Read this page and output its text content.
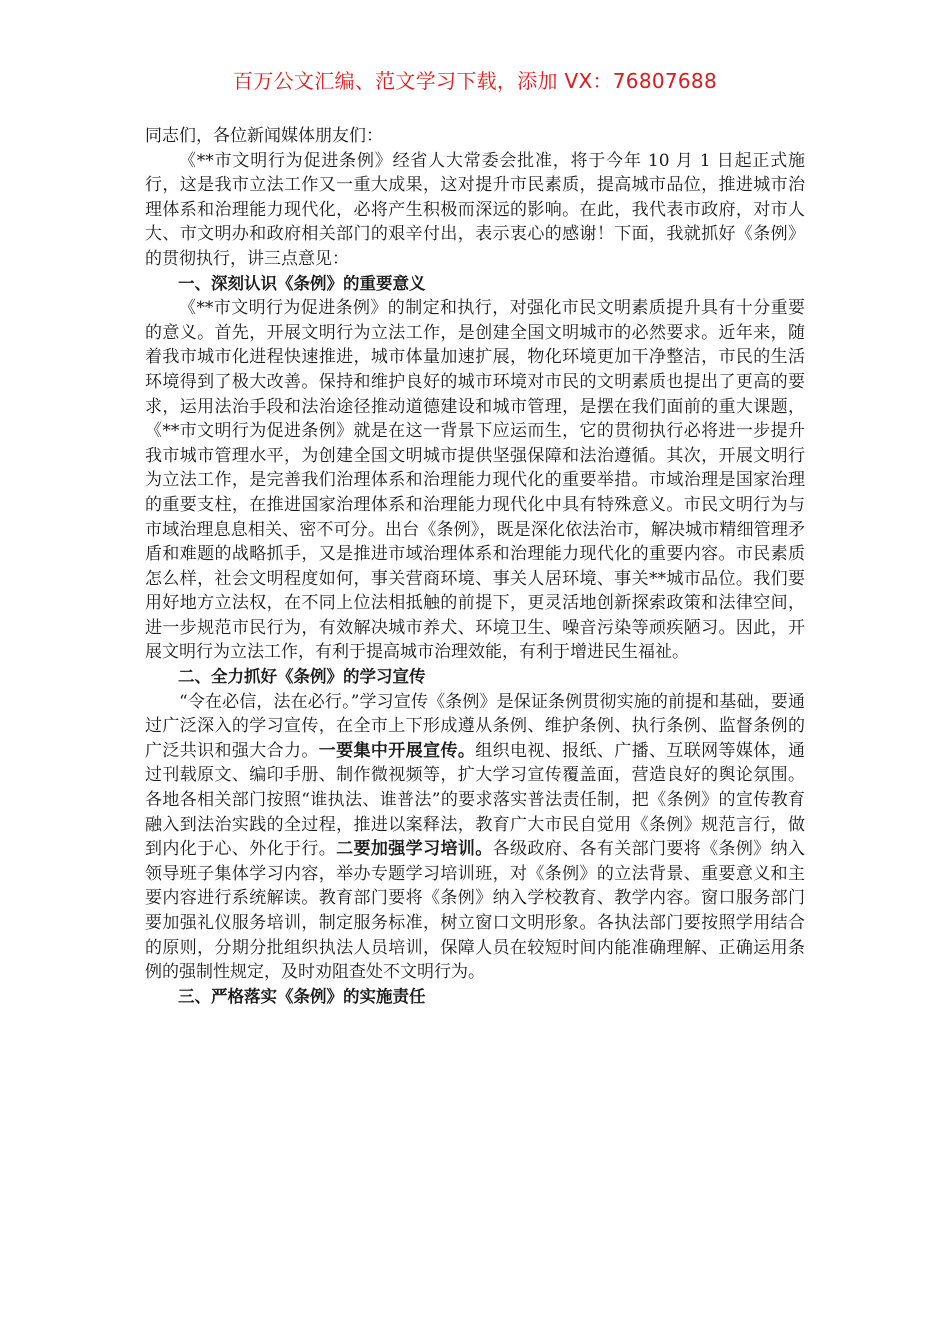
百万公文汇编、范文学习下载，添加 VX：76807688

同志们，各位新闻媒体朋友们：

《**市文明行为促进条例》经省人大常委会批准，将于今年 10 月 1 日起正式施行，这是我市立法工作又一重大成果，这对提升市民素质，提高城市品位，推进城市治理体系和治理能力现代化，必将产生积极而深远的影响。在此，我代表市政府，对市人大、市文明办和政府相关部门的艰辛付出，表示衷心的感谢！下面，我就抓好《条例》的贯彻执行，讲三点意见：

一、深刻认识《条例》的重要意义

《**市文明行为促进条例》的制定和执行，对强化市民文明素质提升具有十分重要的意义。首先，开展文明行为立法工作，是创建全国文明城市的必然要求。近年来，随着我市城市化进程快速推进，城市体量加速扩展，物化环境更加干净整洁，市民的生活环境得到了极大改善。保持和维护良好的城市环境对市民的文明素质也提出了更高的要求，运用法治手段和法治途径推动道德建设和城市管理，是摆在我们面前的重大课题，《**市文明行为促进条例》就是在这一背景下应运而生，它的贯彻执行必将进一步提升我市城市管理水平，为创建全国文明城市提供坚强保障和法治遵循。其次，开展文明行为立法工作，是完善我们治理体系和治理能力现代化的重要举措。市域治理是国家治理的重要支柱，在推进国家治理体系和治理能力现代化中具有特殊意义。市民文明行为与市域治理息息相关、密不可分。出台《条例》，既是深化依法治市，解决城市精细管理矛盾和难题的战略抓手，又是推进市域治理体系和治理能力现代化的重要内容。市民素质怎么样，社会文明程度如何，事关营商环境、事关人居环境、事关**城市品位。我们要用好地方立法权，在不同上位法相抵触的前提下，更灵活地创新探索政策和法律空间，进一步规范市民行为，有效解决城市养犬、环境卫生、噪音污染等顽疾陋习。因此，开展文明行为立法工作，有利于提高城市治理效能，有利于增进民生福祉。

二、全力抓好《条例》的学习宣传

“令在必信，法在必行。”学习宣传《条例》是保证条例贯彻实施的前提和基础，要通过广泛深入的学习宣传，在全市上下形成遵从条例、维护条例、执行条例、监督条例的广泛共识和强大合力。一要集中开展宣传。组织电视、报纸、广播、互联网等媒体，通过刊载原文、编印手册、制作微视频等，扩大学习宣传覆盖面，营造良好的舆论氛围。各地各相关部门按照“谁执法、谁普法”的要求落实普法责任制，把《条例》的宣传教育融入到法治实践的全过程，推进以案释法，教育广大市民自觉用《条例》规范言行，做到内化于心、外化于行。二要加强学习培训。各级政府、各有关部门要将《条例》纳入领导班子集体学习内容，举办专题学习培训班，对《条例》的立法背景、重要意义和主要内容进行系统解读。教育部门要将《条例》纳入学校教育、教学内容。窗口服务部门要加强礼仪服务培训，制定服务标准，树立窗口文明形象。各执法部门要按照学用结合的原则，分期分批组织执法人员培训，保障人员在较短时间内能准确理解、正确运用条例的强制性规定，及时劝阻查处不文明行为。

三、严格落实《条例》的实施责任
